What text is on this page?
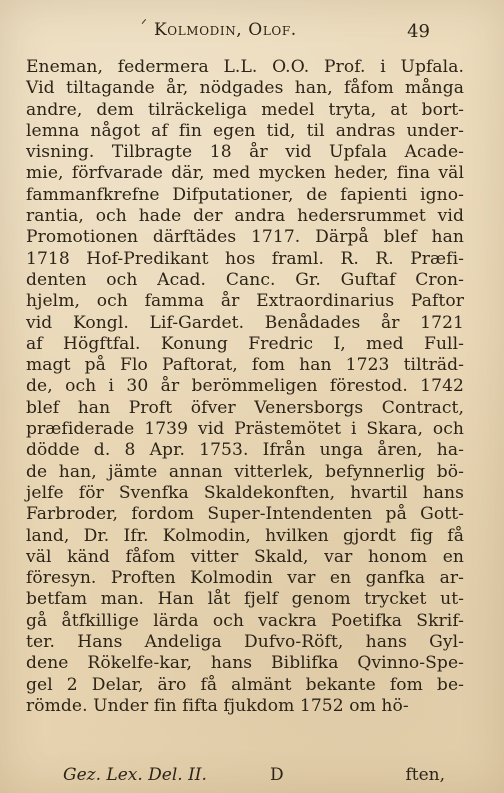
ᐟ Kolmodin, Olof.	49
Eneman, federmera L.L. O.O. Prof. i Upfala.
Vid tiltagande år, nödgades han, fåfom många
andre, dem tilräckeliga medel tryta, at bort-
lemna något af fin egen tid, til andras under-
visning. Tilbragte 18 år vid Upfala Acade-
mie, förfvarade där, med mycken heder, fina väl
fammanfkrefne Difputationer, de fapienti igno-
rantia, och hade der andra hedersrummet vid
Promotionen därftädes 1717. Därpå blef han
1718 Hof-Predikant hos framl. R. R. Præfi-
denten och Acad. Canc. Gr. Guftaf Cron-
hjelm, och famma år Extraordinarius Paftor
vid Kongl. Lif-Gardet. Benådades år 1721
af Högftfal. Konung Fredric I, med Full-
magt på Flo Paftorat, fom han 1723 tilträd-
de, och i 30 år berömmeligen förestod. 1742
blef han Proft öfver Venersborgs Contract,
præfiderade 1739 vid Prästemötet i Skara, och
dödde d. 8 Apr. 1753. Ifrån unga åren, ha-
de han, jämte annan vitterlek, befynnerlig bö-
jelfe för Svenfka Skaldekonften, hvartil hans
Farbroder, fordom Super-Intendenten på Gott-
land, Dr. Ifr. Kolmodin, hvilken gjordt fig få
väl känd fåfom vitter Skald, var honom en
föresyn. Proften Kolmodin var en ganfka ar-
betfam man. Han låt fjelf genom trycket ut-
gå åtfkillige lärda och vackra Poetifka Skrif-
ter. Hans Andeliga Dufvo-Röft, hans Gyl-
dene Rökelfe-kar, hans Biblifka Qvinno-Spe-
gel 2 Delar, äro få almänt bekante fom be-
römde. Under fin fifta fjukdom 1752 om hö-
Gez. Lex. Del. II.	D	ften,
